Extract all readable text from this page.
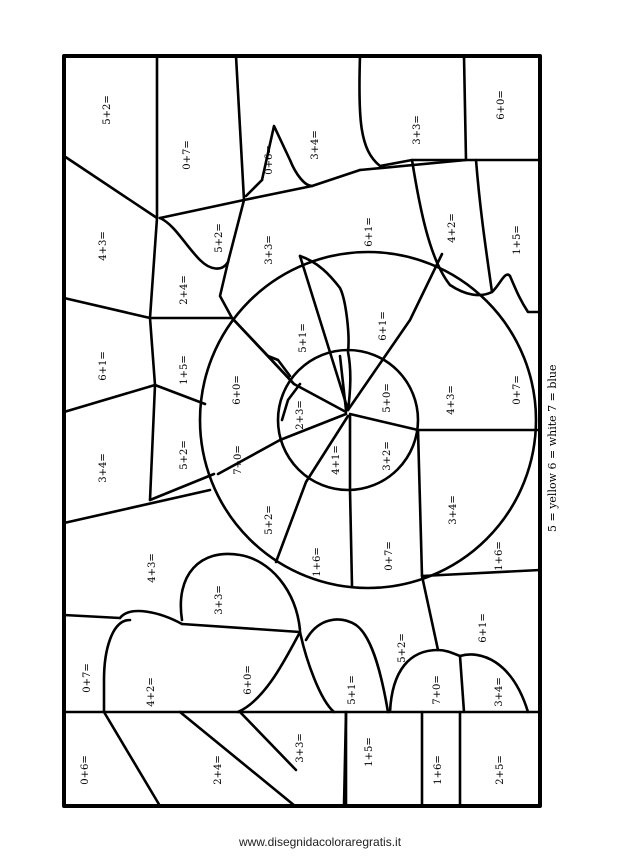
5+2=
0+7=	3+4=
3+3=
6+0=
0+6=
4+3=	5+2=	3+3=
6+1=	4+2=	1+5=
2+4=
6+1=	1+5=
5+1=	6+1=
6+0=
2+3=
5+0=	4+3=	0+7=
3+4=	5+2=	7+0=	4+1=	3+2=
5+2=	3+4=
4+3=	1+6=	0+7=	1+6=
3+3=
5+2=
6+1=
0+7=	4+2=	6+0=	5+1=	7+0=	3+4=
0+6=	2+4=
3+3=	1+5=
1+6=	2+5=
5 = yellow 6 = white 7 = blue
www.disegnidacoloraregratis.it
